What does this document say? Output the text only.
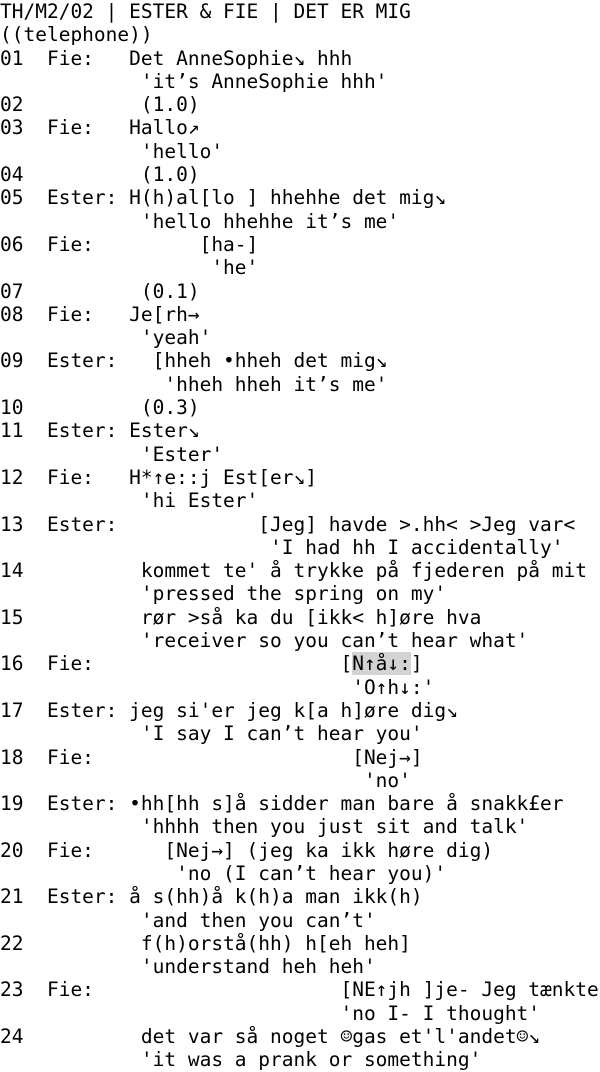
TH/M2/02 | ESTER & FIE | DET ER MIG
((telephone))
01  Fie:   Det AnneSophie↘ hhh
'it’s AnneSophie hhh'
02          (1.0)
03  Fie:   Hallo↗
'hello'
04          (1.0)
05  Ester: H(h)al[lo ] hhehhe det mig↘
'hello hhehhe it’s me'
06  Fie:         [ha-]
'he'
07          (0.1)
08  Fie:   Je[rh→
'yeah'
09  Ester:   [hheh •hheh det mig↘
'hheh hheh it’s me'
10          (0.3)
11  Ester: Ester↘
'Ester'
12  Fie:   H*↑e::j Est[er↘]
'hi Ester'
13  Ester:            [Jeg] havde >.hh< >Jeg var<
'I had hh I accidentally'
14          kommet te' å trykke på fjederen på mit
'pressed the spring on my'
15          rør >så ka du [ikk< h]øre hva
'receiver so you can’t hear what'
16  Fie:                     [N↑å↓:]
'O↑h↓:'
17  Ester: jeg si'er jeg k[a h]øre dig↘
'I say I can’t hear you'
18  Fie:                      [Nej→]
'no'
19  Ester: •hh[hh s]å sidder man bare å snakk£er
'hhhh then you just sit and talk'
20  Fie:      [Nej→] (jeg ka ikk høre dig)
'no (I can’t hear you)'
21  Ester: å s(hh)å k(h)a man ikk(h)
'and then you can’t'
22          f(h)orstå(hh) h[eh heh]
'understand heh heh'
23  Fie:                     [NE↑jh ]je- Jeg tænkte
'no I- I thought'
24          det var så noget ☺gas et'l'andet☺↘
'it was a prank or something'
